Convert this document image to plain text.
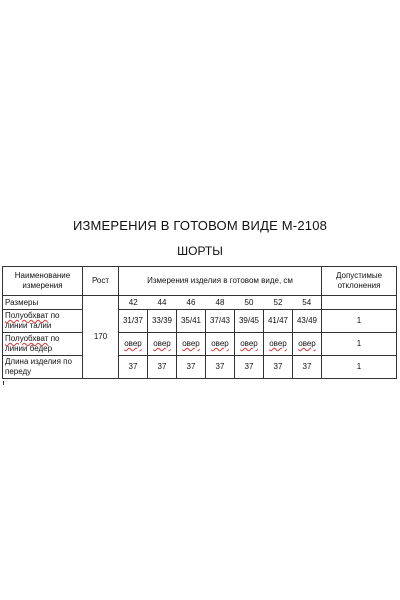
ИЗМЕРЕНИЯ В ГОТОВОМ ВИДЕ М-2108
ШОРТЫ
Наименование измерения	Рост	Измерения изделия в готовом виде, см							Допустимые отклонения
Размеры	170	42	44	46	48	50	52	54	
Полуобхват по линии талии		31/37	33/39	35/41	37/43	39/45	41/47	43/49	1
Полуобхват по линии бедер		овер	овер	овер	овер	овер	овер	овер	1
Длина изделия по переду		37	37	37	37	37	37	37	1
